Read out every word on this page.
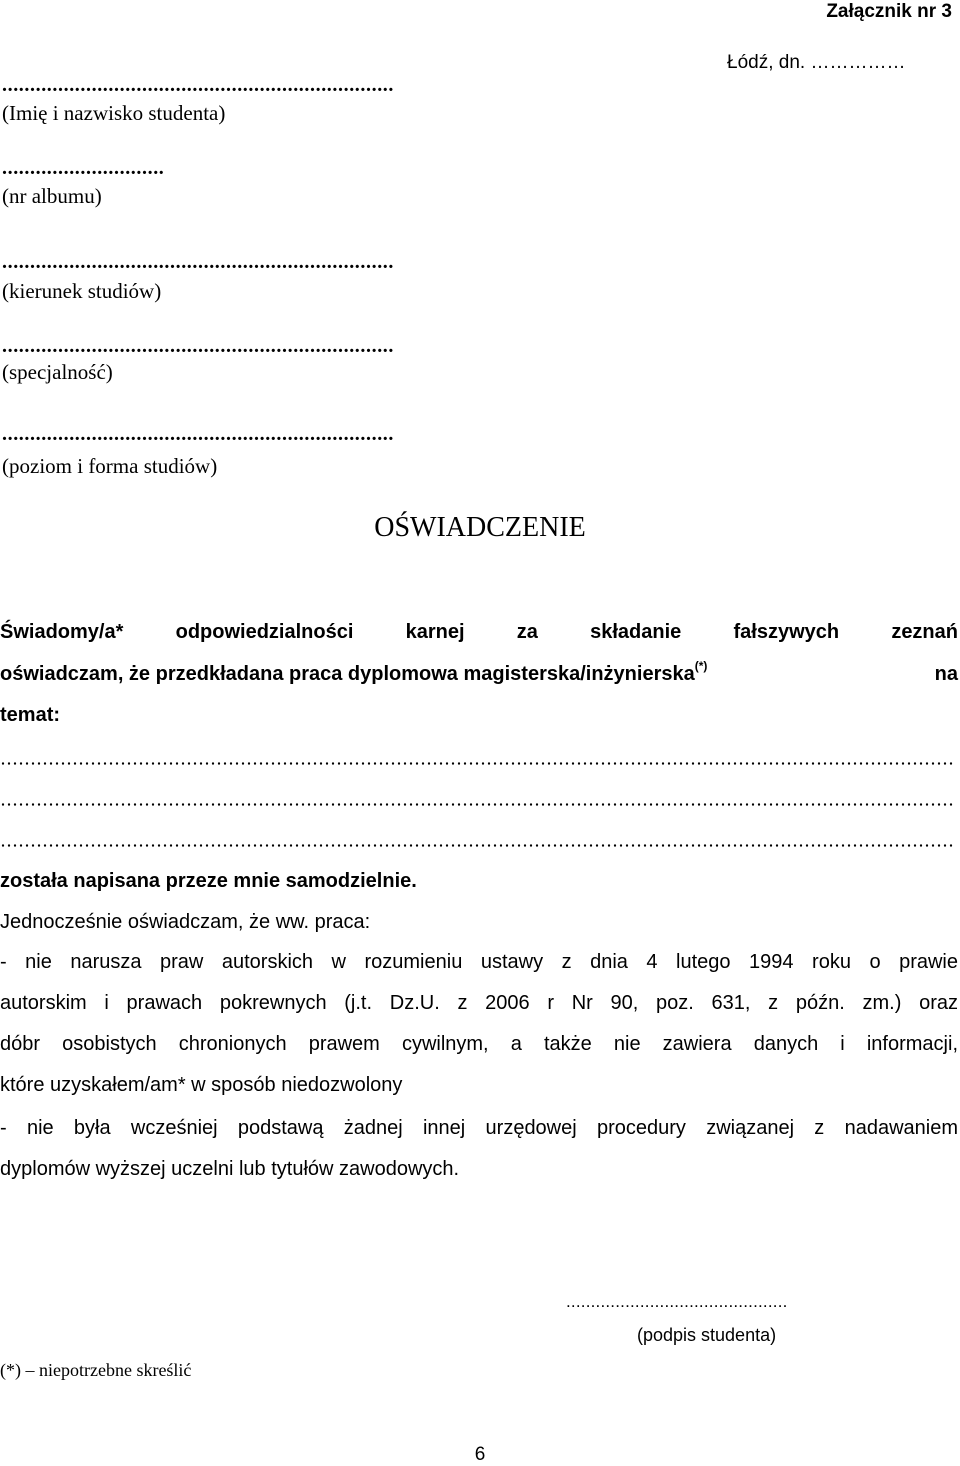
Załącznik nr 3
Łódź, dn. ……………
......................................................................
(Imię i nazwisko studenta)
.............................
(nr albumu)
......................................................................
(kierunek studiów)
......................................................................
(specjalność)
......................................................................
(poziom i forma studiów)
OŚWIADCZENIE
Świadomy/a* odpowiedzialności karnej za składanie fałszywych zeznań
oświadczam, że przedkładana praca dyplomowa magisterska/inżynierska(*)	na
temat:
została napisana przeze mnie samodzielnie.
Jednocześnie oświadczam, że ww. praca:
- nie narusza praw autorskich w rozumieniu ustawy z dnia 4 lutego 1994 roku o prawie
autorskim i prawach pokrewnych (j.t. Dz.U. z 2006 r Nr 90, poz. 631, z późn. zm.) oraz
dóbr osobistych chronionych prawem cywilnym, a także nie zawiera danych i informacji,
które uzyskałem/am* w sposób niedozwolony
- nie była wcześniej podstawą żadnej innej urzędowej procedury związanej z nadawaniem
dyplomów wyższej uczelni lub tytułów zawodowych.
.............................................
(podpis studenta)
(*) – niepotrzebne skreślić
6
